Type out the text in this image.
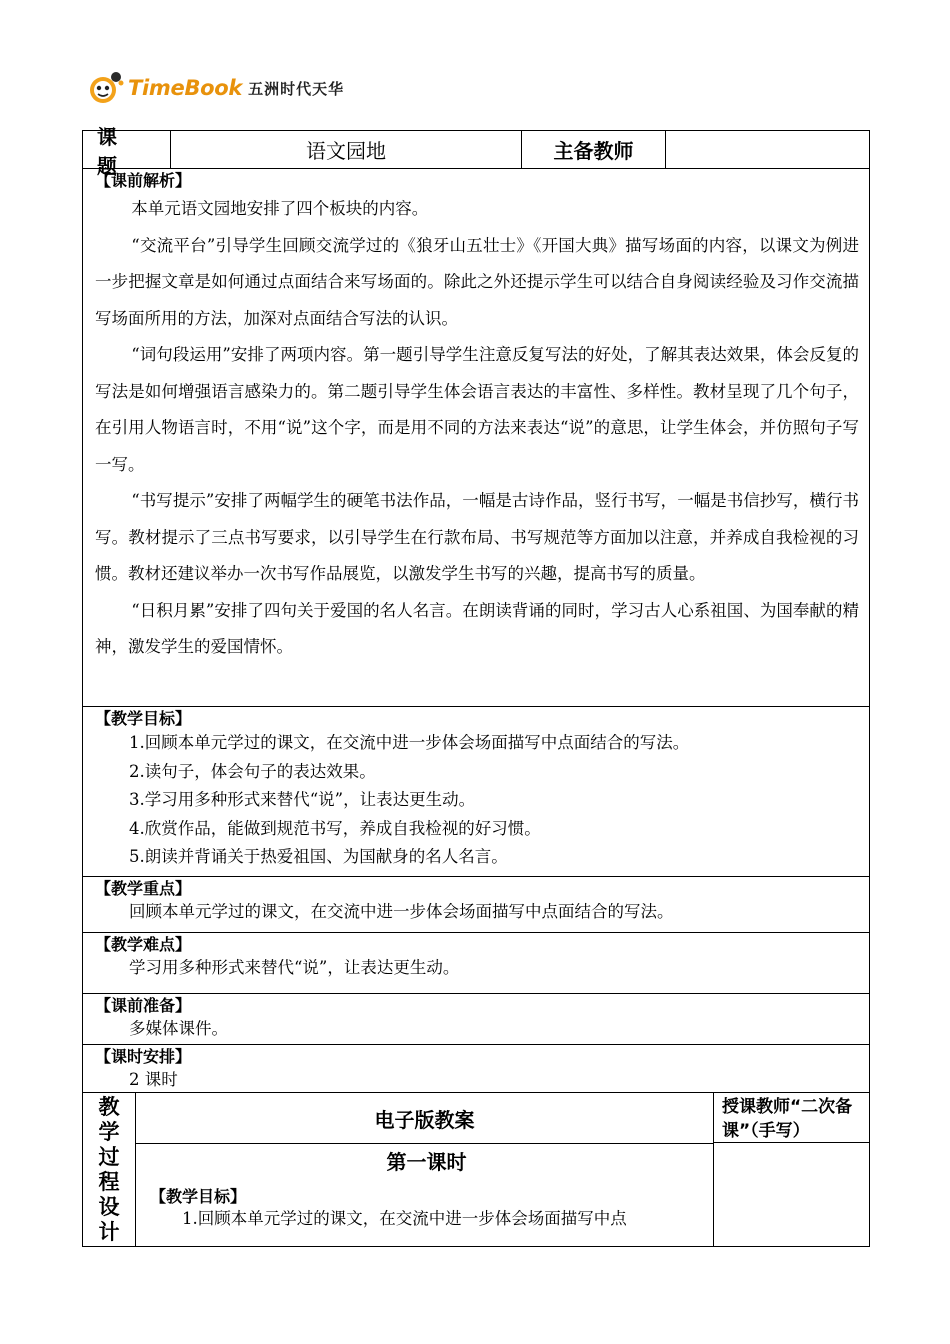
TimeBook 五洲时代天华
课 题
语文园地	主备教师
【课前解析】
本单元语文园地安排了四个板块的内容。
“交流平台”引导学生回顾交流学过的《狼牙山五壮士》《开国大典》描写场面的内容，以课文为例进一步把握文章是如何通过点面结合来写场面的。除此之外还提示学生可以结合自身阅读经验及习作交流描写场面所用的方法，加深对点面结合写法的认识。
“词句段运用”安排了两项内容。第一题引导学生注意反复写法的好处，了解其表达效果，体会反复的写法是如何增强语言感染力的。第二题引导学生体会语言表达的丰富性、多样性。教材呈现了几个句子，在引用人物语言时，不用“说”这个字，而是用不同的方法来表达“说”的意思，让学生体会，并仿照句子写一写。
“书写提示”安排了两幅学生的硬笔书法作品，一幅是古诗作品，竖行书写，一幅是书信抄写，横行书写。教材提示了三点书写要求，以引导学生在行款布局、书写规范等方面加以注意，并养成自我检视的习惯。教材还建议举办一次书写作品展览，以激发学生书写的兴趣，提高书写的质量。
“日积月累”安排了四句关于爱国的名人名言。在朗读背诵的同时，学习古人心系祖国、为国奉献的精神，激发学生的爱国情怀。
【教学目标】
1.回顾本单元学过的课文，在交流中进一步体会场面描写中点面结合的写法。
2.读句子，体会句子的表达效果。
3.学习用多种形式来替代“说”，让表达更生动。
4.欣赏作品，能做到规范书写，养成自我检视的好习惯。
5.朗读并背诵关于热爱祖国、为国献身的名人名言。
【教学重点】
回顾本单元学过的课文，在交流中进一步体会场面描写中点面结合的写法。
【教学难点】
学习用多种形式来替代“说”，让表达更生动。
【课前准备】
多媒体课件。
【课时安排】
2 课时
教
学
过
程
设
计
电子版教案
第一课时
【教学目标】
1.回顾本单元学过的课文，在交流中进一步体会场面描写中点
授课教师“二次备课”（手写）
